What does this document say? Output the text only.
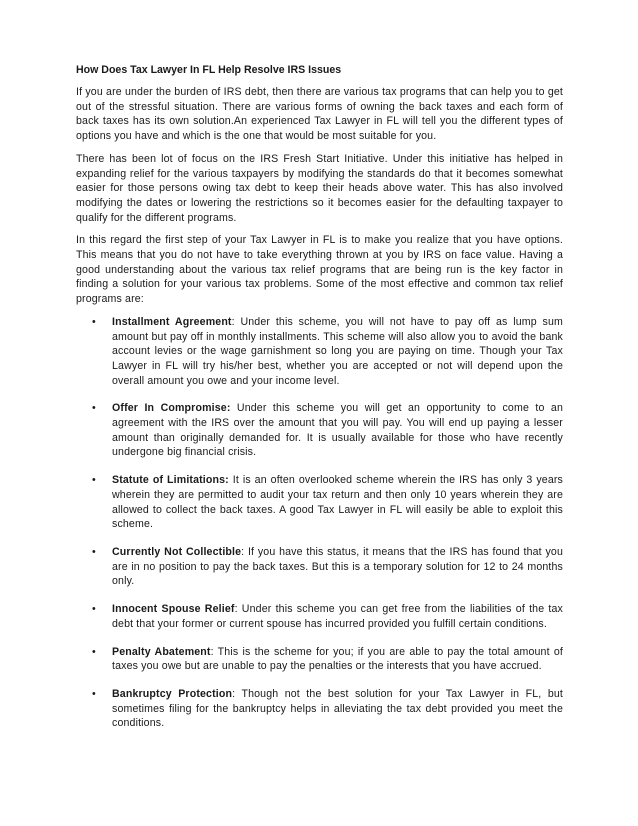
How Does Tax Lawyer In FL Help Resolve IRS Issues

If you are under the burden of IRS debt, then there are various tax programs that can help you to get out of the stressful situation. There are various forms of owning the back taxes and each form of back taxes has its own solution.An experienced Tax Lawyer in FL will tell you the different types of options you have and which is the one that would be most suitable for you.

There has been lot of focus on the IRS Fresh Start Initiative. Under this initiative has helped in expanding relief for the various taxpayers by modifying the standards do that it becomes somewhat easier for those persons owing tax debt to keep their heads above water. This has also involved modifying the dates or lowering the restrictions so it becomes easier for the defaulting taxpayer to qualify for the different programs.

In this regard the first step of your Tax Lawyer in FL is to make you realize that you have options. This means that you do not have to take everything thrown at you by IRS on face value. Having a good understanding about the various tax relief programs that are being run is the key factor in finding a solution for your various tax problems. Some of the most effective and common tax relief programs are:

• Installment Agreement: Under this scheme, you will not have to pay off as lump sum amount but pay off in monthly installments. This scheme will also allow you to avoid the bank account levies or the wage garnishment so long you are paying on time. Though your Tax Lawyer in FL will try his/her best, whether you are accepted or not will depend upon the overall amount you owe and your income level.
• Offer In Compromise: Under this scheme you will get an opportunity to come to an agreement with the IRS over the amount that you will pay. You will end up paying a lesser amount than originally demanded for. It is usually available for those who have recently undergone big financial crisis.
• Statute of Limitations: It is an often overlooked scheme wherein the IRS has only 3 years wherein they are permitted to audit your tax return and then only 10 years wherein they are allowed to collect the back taxes. A good Tax Lawyer in FL will easily be able to exploit this scheme.
• Currently Not Collectible: If you have this status, it means that the IRS has found that you are in no position to pay the back taxes. But this is a temporary solution for 12 to 24 months only.
• Innocent Spouse Relief: Under this scheme you can get free from the liabilities of the tax debt that your former or current spouse has incurred provided you fulfill certain conditions.
• Penalty Abatement: This is the scheme for you; if you are able to pay the total amount of taxes you owe but are unable to pay the penalties or the interests that you have accrued.
• Bankruptcy Protection: Though not the best solution for your Tax Lawyer in FL, but sometimes filing for the bankruptcy helps in alleviating the tax debt provided you meet the conditions.
